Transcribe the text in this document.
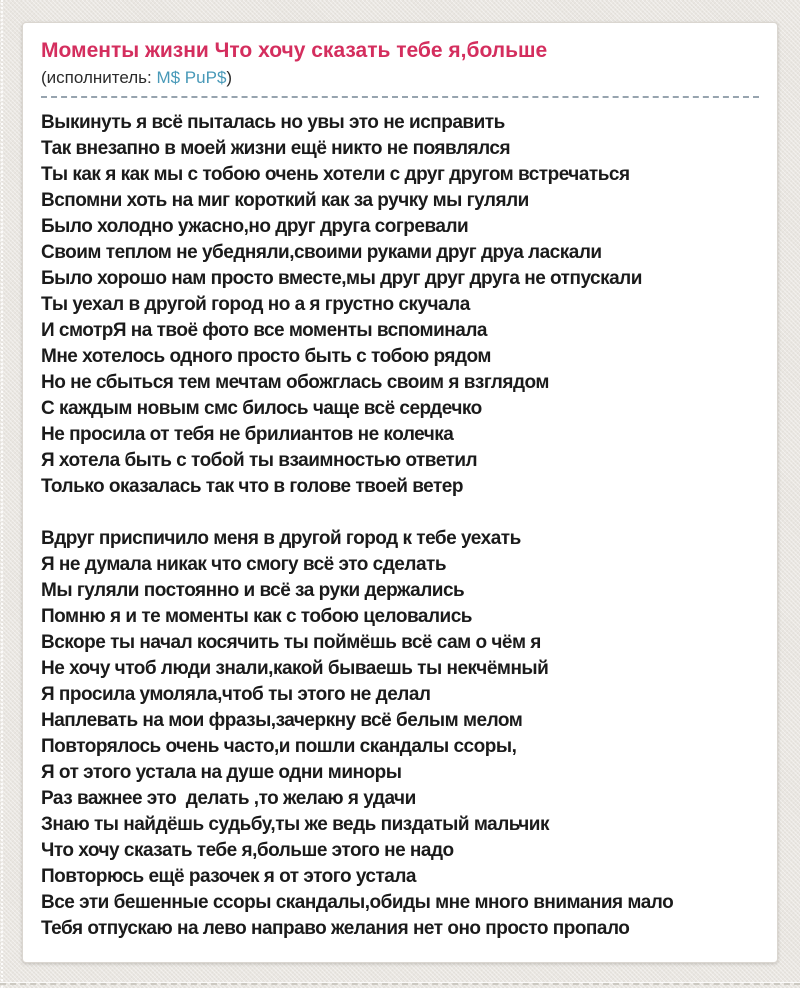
Моменты жизни Что хочу сказать тебе я,больше
(исполнитель: M$ PuP$)
Выкинуть я всё пыталась но увы это не исправить
Так внезапно в моей жизни ещё никто не появлялся
Ты как я как мы с тобою очень хотели с друг другом встречаться
Вспомни хоть на миг короткий как за ручку мы гуляли
Было холодно ужасно,но друг друга согревали
Своим теплом не убедняли,своими руками друг друа ласкали
Было хорошо нам просто вместе,мы друг друг друга не отпускали
Ты уехал в другой город но а я грустно скучала
И смотрЯ на твоё фото все моменты вспоминала
Мне хотелось одного просто быть с тобою рядом
Но не сбыться тем мечтам обожглась своим я взглядом
С каждым новым смс билось чаще всё сердечко
Не просила от тебя не брилиантов не колечка
Я хотела быть с тобой ты взаимностью ответил
Только оказалась так что в голове твоей ветер
Вдруг приспичило меня в другой город к тебе уехать
Я не думала никак что смогу всё это сделать
Мы гуляли постоянно и всё за руки держались
Помню я и те моменты как с тобою целовались
Вскоре ты начал косячить ты поймёшь всё сам о чём я
Не хочу чтоб люди знали,какой бываешь ты некчёмный
Я просила умоляла,чтоб ты этого не делал
Наплевать на мои фразы,зачеркну всё белым мелом
Повторялось очень часто,и пошли скандалы ссоры,
Я от этого устала на душе одни миноры
Раз важнее это  делать ,то желаю я удачи
Знаю ты найдёшь судьбу,ты же ведь пиздатый мальчик
Что хочу сказать тебе я,больше этого не надо
Повторюсь ещё разочек я от этого устала
Все эти бешенные ссоры скандалы,обиды мне много внимания мало
Тебя отпускаю на лево направо желания нет оно просто пропало
